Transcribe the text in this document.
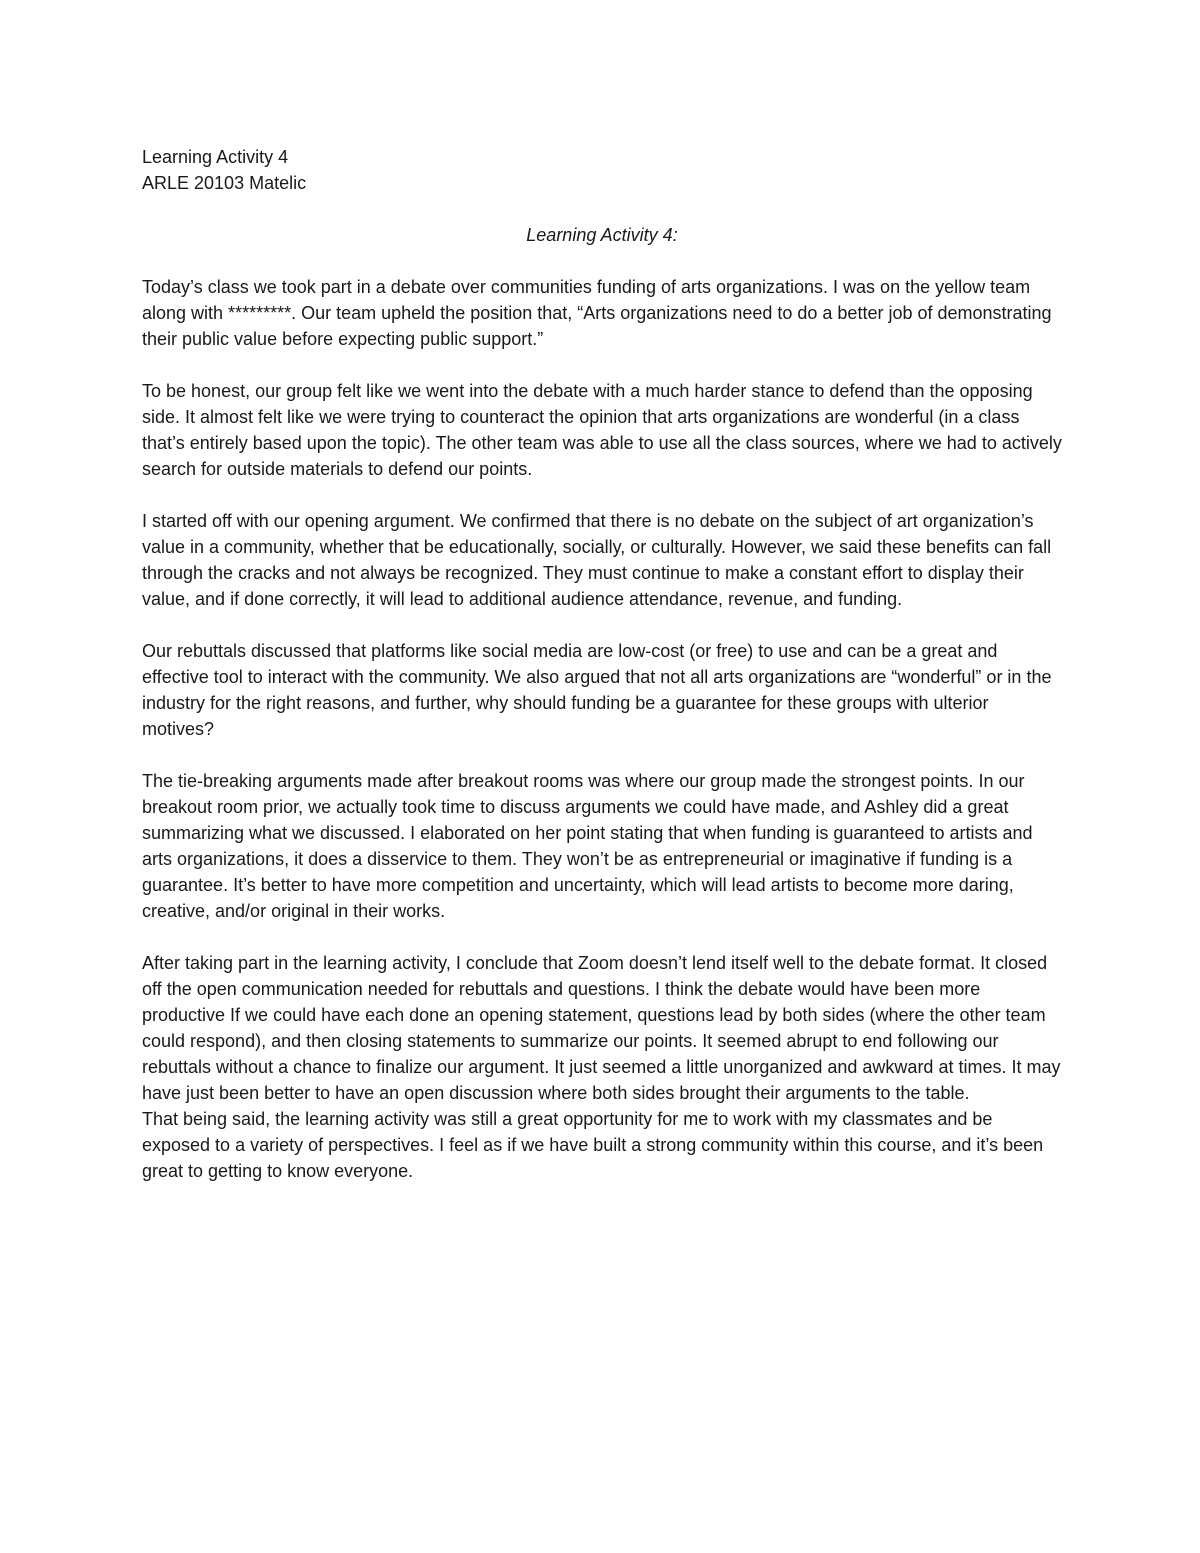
Learning Activity 4

ARLE 20103 Matelic

Learning Activity 4:

Today’s class we took part in a debate over communities funding of arts organizations. I was on the yellow team along with *********. Our team upheld the position that, “Arts organizations need to do a better job of demonstrating their public value before expecting public support.”

To be honest, our group felt like we went into the debate with a much harder stance to defend than the opposing side. It almost felt like we were trying to counteract the opinion that arts organizations are wonderful (in a class that’s entirely based upon the topic). The other team was able to use all the class sources, where we had to actively search for outside materials to defend our points.

I started off with our opening argument. We confirmed that there is no debate on the subject of art organization’s value in a community, whether that be educationally, socially, or culturally. However, we said these benefits can fall through the cracks and not always be recognized. They must continue to make a constant effort to display their value, and if done correctly, it will lead to additional audience attendance, revenue, and funding.

Our rebuttals discussed that platforms like social media are low-cost (or free) to use and can be a great and effective tool to interact with the community. We also argued that not all arts organizations are “wonderful” or in the industry for the right reasons, and further, why should funding be a guarantee for these groups with ulterior motives?

The tie-breaking arguments made after breakout rooms was where our group made the strongest points. In our breakout room prior, we actually took time to discuss arguments we could have made, and Ashley did a great summarizing what we discussed. I elaborated on her point stating that when funding is guaranteed to artists and arts organizations, it does a disservice to them. They won’t be as entrepreneurial or imaginative if funding is a guarantee. It’s better to have more competition and uncertainty, which will lead artists to become more daring, creative, and/or original in their works.

After taking part in the learning activity, I conclude that Zoom doesn’t lend itself well to the debate format. It closed off the open communication needed for rebuttals and questions. I think the debate would have been more productive If we could have each done an opening statement, questions lead by both sides (where the other team could respond), and then closing statements to summarize our points. It seemed abrupt to end following our rebuttals without a chance to finalize our argument. It just seemed a little unorganized and awkward at times. It may have just been better to have an open discussion where both sides brought their arguments to the table.

That being said, the learning activity was still a great opportunity for me to work with my classmates and be exposed to a variety of perspectives. I feel as if we have built a strong community within this course, and it’s been great to getting to know everyone.
